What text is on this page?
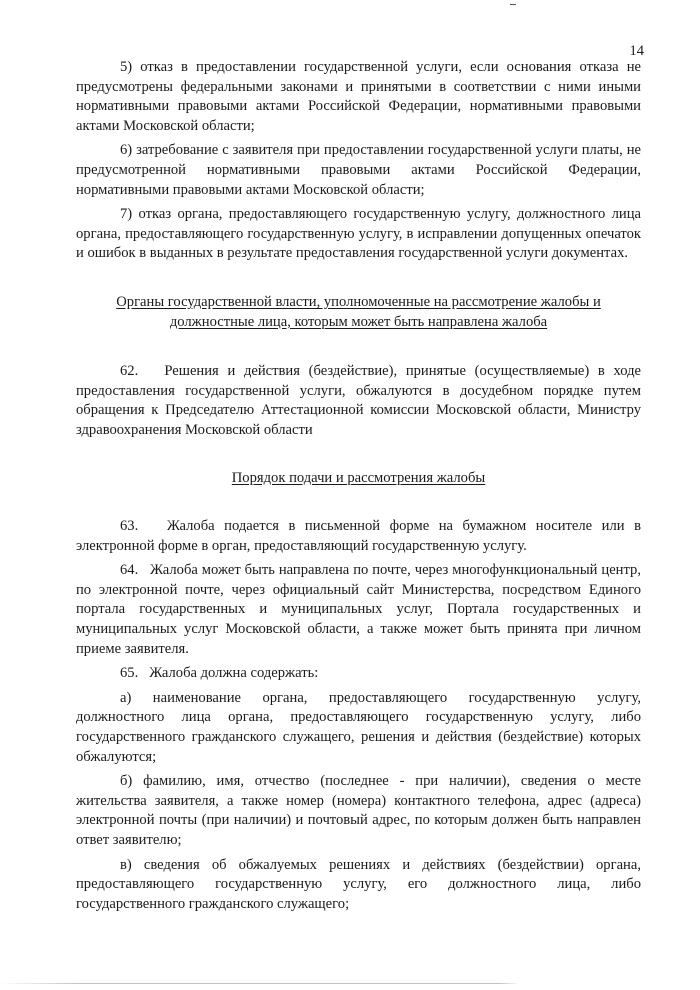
14

5) отказ в предоставлении государственной услуги, если основания отказа не предусмотрены федеральными законами и принятыми в соответствии с ними иными нормативными правовыми актами Российской Федерации, нормативными правовыми актами Московской области;

6) затребование с заявителя при предоставлении государственной услуги платы, не предусмотренной нормативными правовыми актами Российской Федерации, нормативными правовыми актами Московской области;

7) отказ органа, предоставляющего государственную услугу, должностного лица органа, предоставляющего государственную услугу, в исправлении допущенных опечаток и ошибок в выданных в результате предоставления государственной услуги документах.

Органы государственной власти, уполномоченные на рассмотрение жалобы и должностные лица, которым может быть направлена жалоба

62.   Решения и действия (бездействие), принятые (осуществляемые) в ходе предоставления государственной услуги, обжалуются в досудебном порядке путем обращения к Председателю Аттестационной комиссии Московской области, Министру здравоохранения Московской области

Порядок подачи и рассмотрения жалобы

63.   Жалоба подается в письменной форме на бумажном носителе или в электронной форме в орган, предоставляющий государственную услугу.

64.   Жалоба может быть направлена по почте, через многофункциональный центр, по электронной почте, через официальный сайт Министерства, посредством Единого портала государственных и муниципальных услуг, Портала государственных и муниципальных услуг Московской области, а также может быть принята при личном приеме заявителя.

65.   Жалоба должна содержать:

а) наименование органа, предоставляющего государственную услугу, должностного лица органа, предоставляющего государственную услугу, либо государственного гражданского служащего, решения и действия (бездействие) которых обжалуются;

б) фамилию, имя, отчество (последнее - при наличии), сведения о месте жительства заявителя, а также номер (номера) контактного телефона, адрес (адреса) электронной почты (при наличии) и почтовый адрес, по которым должен быть направлен ответ заявителю;

в) сведения об обжалуемых решениях и действиях (бездействии) органа, предоставляющего государственную услугу, его должностного лица, либо государственного гражданского служащего;
